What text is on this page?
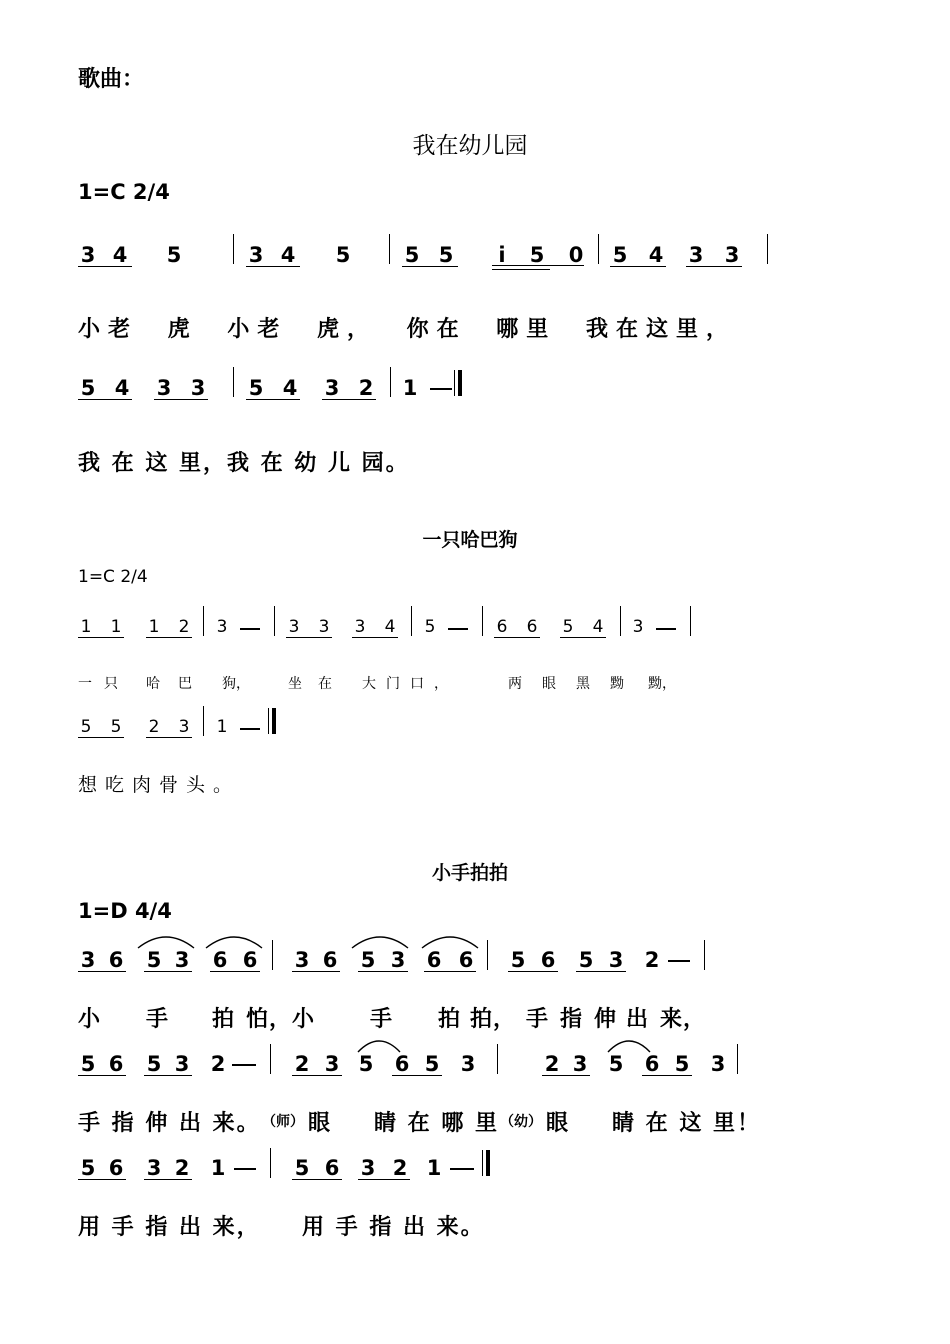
歌曲：
我在幼儿园
1=C 2/4
3 4 5	3 4 5	5 5	i	5 0 5 4 3 3
小老 虎 小老 虎， 你在 哪里 我在这里，
5 4 3 3 5 4 3 2 1
我 在 这 里，我 在 幼 儿 园。
一只哈巴狗
1=C 2/4
1 1 1 2 3	3 3 3 4 5	6 6 5 4 3
一只 哈巴 狗，	坐在 大门口，	两眼黑黝 黝，
5 5 2 3 1
想吃肉骨头。
小手拍拍
1=D 4/4
3 6 5 3 6 6 3 6 5 3 6 6 5 6 5 3 2
小 手 拍 怕，小 手 拍 拍， 手 指 伸 出 来，
5 6 5 3 2	2 3 5 6 5 3	2 3 5 6 5 3
手 指 伸 出 来。 （师） 眼 睛 在 哪 里 （幼） 眼 睛 在 这 里！
5 6 3 2 1	5 6 3 2 1
用 手 指 出 来， 用 手 指 出 来。
